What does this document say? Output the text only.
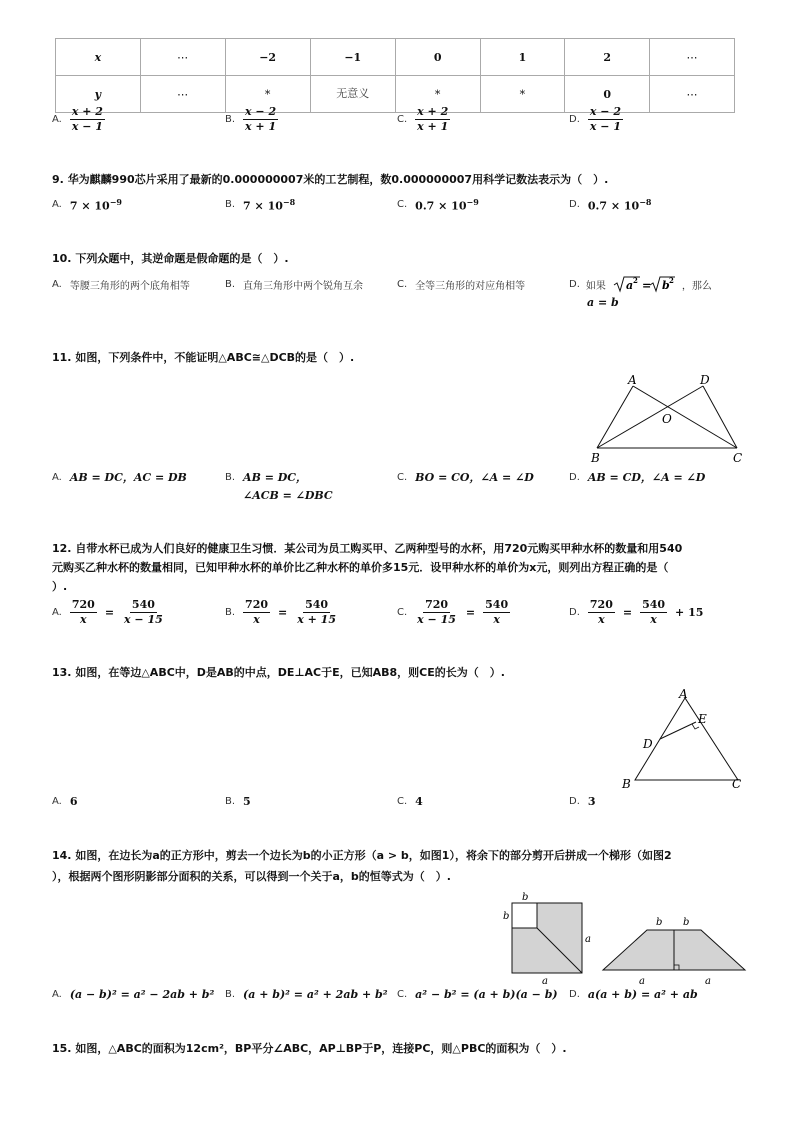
x	⋯	−2	−1	0	1	2	⋯
y	⋯	*	无意义	*	*	0	⋯
A. $\frac{x + 2}{x - 1}$	B. $\frac{x - 2}{x + 1}$	C. $\frac{x + 2}{x + 1}$	D. $\frac{x - 2}{x - 1}$
9. 华为麒麟990芯片采用了最新的0.000000007米的工艺制程，数0.000000007用科学记数法表示为（　）.
A. $7 \times 10^{-9}$	B. $7 \times 10^{-8}$	C. $0.7 \times 10^{-9}$	D. $0.7 \times 10^{-8}$
10. 下列众题中，其逆命题是假命题的是（　）.
A. 等腰三角形的两个底角相等	B. 直角三角形中两个锐角互余	C. 全等三角形的对应角相等	D. 如果 a 2 = b 2 ，那么
a = b
11. 如图，下列条件中，不能证明△ABC≅△DCB的是（　）.
A	D
O
B	C
A. AB = DC，AC = DB	B. AB = DC，
∠ACB = ∠DBC
C. BO = CO，∠A = ∠D	D. AB = CD，∠A = ∠D
12. 自带水杯已成为人们良好的健康卫生习惯．某公司为员工购买甲、乙两种型号的水杯，用720元购买甲种水杯的数量和用540
元购买乙种水杯的数量相同，已知甲种水杯的单价比乙种水杯的单价多15元．设甲种水杯的单价为x元，则列出方程正确的是（
）.
A. $\frac{720}{x} = \frac{540}{x - 15}$	B. $\frac{720}{x} = \frac{540}{x + 15}$	C. $\frac{720}{x - 15} = \frac{540}{x}$	D. $\frac{720}{x} = \frac{540}{x} + 15$
13. 如图，在等边△ABC中，D是AB的中点，DE⊥AC于E，已知AB8，则CE的长为（　）.
A
E
D
B	C
A. 6	B. 5	C. 4	D. 3
14. 如图，在边长为a的正方形中，剪去一个边长为b的小正方形（a > b，如图1），将余下的部分剪开后拼成一个梯形（如图2
），根据两个图形阴影部分面积的关系，可以得到一个关于a，b的恒等式为（　）.
b
b
a
a
b b
a	a
A. (a − b)² = a² − 2ab + b² B. (a + b)² = a² + 2ab + b² C. a² − b² = (a + b)(a − b) D. a(a + b) = a² + ab
15. 如图，△ABC的面积为12cm²，BP平分∠ABC，AP⊥BP于P，连接PC，则△PBC的面积为（　）.
